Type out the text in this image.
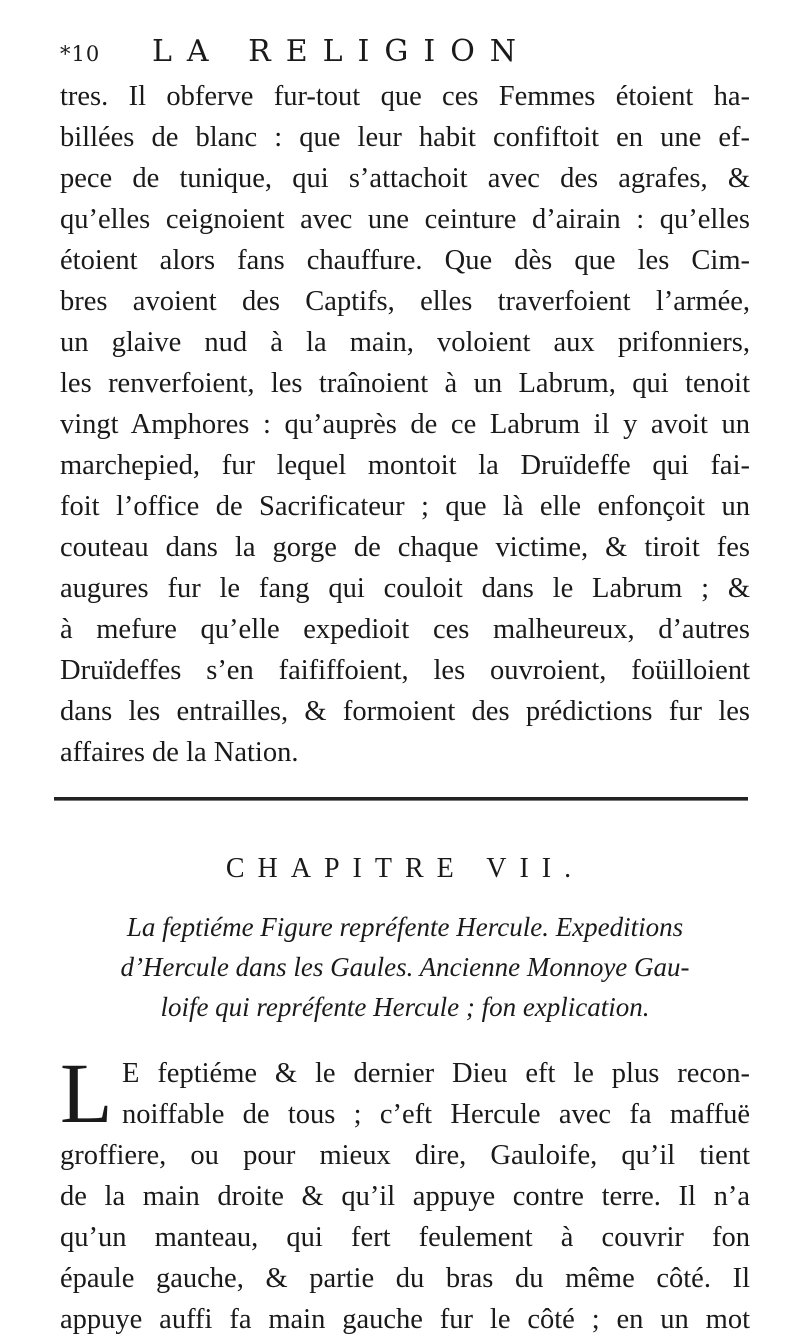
*10	LA RELIGION

tres. Il obferve fur-tout que ces Femmes étoient ha-
billées de blanc : que leur habit confiftoit en une ef-
pece de tunique, qui s’attachoit avec des agrafes, &
qu’elles ceignoient avec une ceinture d’airain : qu’elles
étoient alors fans chauffure. Que dès que les Cim-
bres avoient des Captifs, elles traverfoient l’armée,
un glaive nud à la main, voloient aux prifonniers,
les renverfoient, les traînoient à un Labrum, qui tenoit
vingt Amphores : qu’auprès de ce Labrum il y avoit un
marchepied, fur lequel montoit la Druïdeffe qui fai-
foit l’office de Sacrificateur ; que là elle enfonçoit un
couteau dans la gorge de chaque victime, & tiroit fes
augures fur le fang qui couloit dans le Labrum ; &
à mefure qu’elle expedioit ces malheureux, d’autres
Druïdeffes s’en faififfoient, les ouvroient, foüilloient
dans les entrailles, & formoient des prédictions fur les
affaires de la Nation.

CHAPITRE VII.
La feptiéme Figure repréfente Hercule. Expeditions
d’Hercule dans les Gaules. Ancienne Monnoye Gau-
loife qui repréfente Hercule ; fon explication.
L E feptiéme & le dernier Dieu eft le plus recon-
noiffable de tous ; c’eft Hercule avec fa maffuë
groffiere, ou pour mieux dire, Gauloife, qu’il tient
de la main droite & qu’il appuye contre terre. Il n’a
qu’un manteau, qui fert feulement à couvrir fon
épaule gauche, & partie du bras du même côté. Il
appuye auffi fa main gauche fur le côté ; en un mot
